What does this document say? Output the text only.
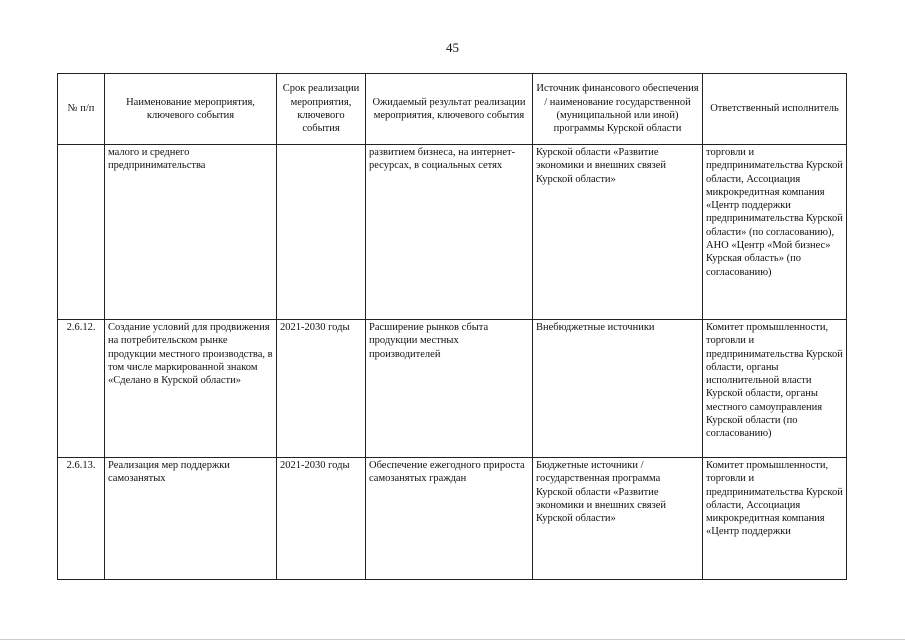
45
№ п/п	Наименование мероприятия, ключевого события	Срок реализации мероприятия, ключевого события	Ожидаемый результат реализации мероприятия, ключевого события	Источник финансового обеспечения / наименование государственной (муниципальной или иной) программы Курской области	Ответственный исполнитель
	малого и среднего предпринимательства		развитием бизнеса, на интернет-ресурсах, в социальных сетях	Курской области «Развитие экономики и внешних связей Курской области»	торговли и предпринимательства Курской области, Ассоциация микрокредитная компания «Центр поддержки предпринимательства Курской области» (по согласованию), АНО «Центр «Мой бизнес» Курская область» (по согласованию)
2.6.12.	Создание условий для продвижения на потребительском рынке продукции местного производства, в том числе маркированной знаком «Сделано в Курской области»	2021-2030 годы	Расширение рынков сбыта продукции местных производителей	Внебюджетные источники	Комитет промышленности, торговли и предпринимательства Курской области, органы исполнительной власти Курской области, органы местного самоуправления Курской области (по согласованию)
2.6.13.	Реализация мер поддержки самозанятых	2021-2030 годы	Обеспечение ежегодного прироста самозанятых граждан	Бюджетные источники / государственная программа Курской области «Развитие экономики и внешних связей Курской области»	Комитет промышленности, торговли и предпринимательства Курской области, Ассоциация микрокредитная компания «Центр поддержки
